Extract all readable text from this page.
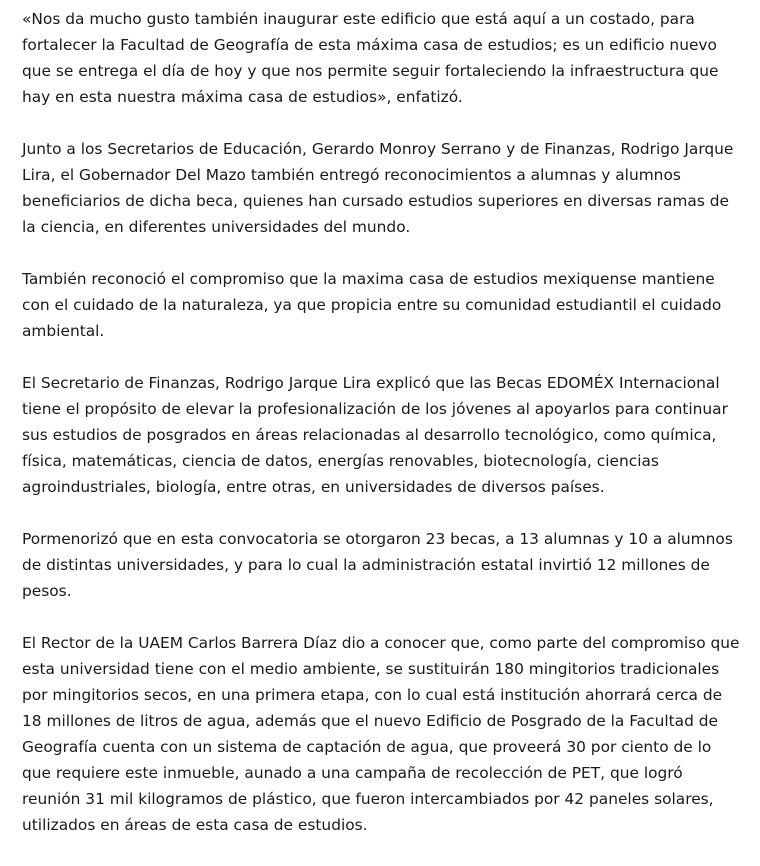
«Nos da mucho gusto también inaugurar este edificio que está aquí a un costado, para fortalecer la Facultad de Geografía de esta máxima casa de estudios; es un edificio nuevo que se entrega el día de hoy y que nos permite seguir fortaleciendo la infraestructura que hay en esta nuestra máxima casa de estudios», enfatizó.

Junto a los Secretarios de Educación, Gerardo Monroy Serrano y de Finanzas, Rodrigo Jarque Lira, el Gobernador Del Mazo también entregó reconocimientos a alumnas y alumnos beneficiarios de dicha beca, quienes han cursado estudios superiores en diversas ramas de la ciencia, en diferentes universidades del mundo.

También reconoció el compromiso que la maxima casa de estudios mexiquense mantiene con el cuidado de la naturaleza, ya que propicia entre su comunidad estudiantil el cuidado ambiental.

El Secretario de Finanzas, Rodrigo Jarque Lira explicó que las Becas EDOMÉX Internacional tiene el propósito de elevar la profesionalización de los jóvenes al apoyarlos para continuar sus estudios de posgrados en áreas relacionadas al desarrollo tecnológico, como química, física, matemáticas, ciencia de datos, energías renovables, biotecnología, ciencias agroindustriales, biología, entre otras, en universidades de diversos países.

Pormenorizó que en esta convocatoria se otorgaron 23 becas, a 13 alumnas y 10 a alumnos de distintas universidades, y para lo cual la administración estatal invirtió 12 millones de pesos.

El Rector de la UAEM Carlos Barrera Díaz dio a conocer que, como parte del compromiso que esta universidad tiene con el medio ambiente, se sustituirán 180 mingitorios tradicionales por mingitorios secos, en una primera etapa, con lo cual está institución ahorrará cerca de 18 millones de litros de agua, además que el nuevo Edificio de Posgrado de la Facultad de Geografía cuenta con un sistema de captación de agua, que proveerá 30 por ciento de lo que requiere este inmueble, aunado a una campaña de recolección de PET, que logró reunión 31 mil kilogramos de plástico, que fueron intercambiados por 42 paneles solares, utilizados en áreas de esta casa de estudios.
